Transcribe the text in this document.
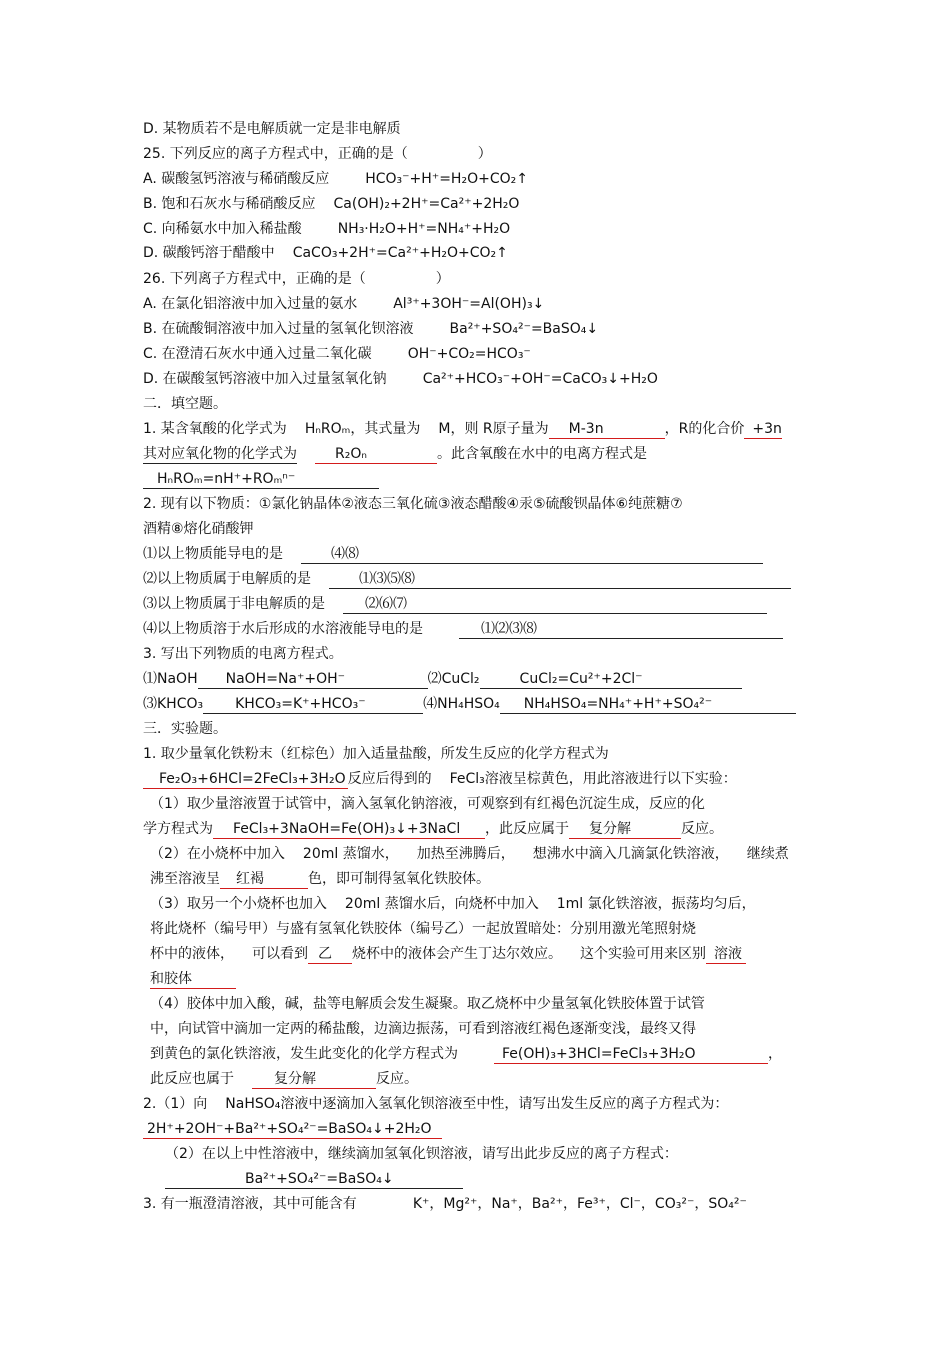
D. 某物质若不是电解质就一定是非电解质
25. 下列反应的离子方程式中，正确的是（　　　　　）
A. 碳酸氢钙溶液与稀硝酸反应	HCO₃⁻+H⁺=H₂O+CO₂↑
B. 饱和石灰水与稀硝酸反应 Ca(OH)₂+2H⁺=Ca²⁺+2H₂O
C. 向稀氨水中加入稀盐酸	NH₃·H₂O+H⁺=NH₄⁺+H₂O
D. 碳酸钙溶于醋酸中 CaCO₃+2H⁺=Ca²⁺+H₂O+CO₂↑
26. 下列离子方程式中，正确的是（　　　　　）
A. 在氯化铝溶液中加入过量的氨水	Al³⁺+3OH⁻=Al(OH)₃↓
B. 在硫酸铜溶液中加入过量的氢氧化钡溶液	Ba²⁺+SO₄²⁻=BaSO₄↓
C. 在澄清石灰水中通入过量二氧化碳	OH⁻+CO₂=HCO₃⁻
D. 在碳酸氢钙溶液中加入过量氢氧化钠	Ca²⁺+HCO₃⁻+OH⁻=CaCO₃↓+H₂O
二．填空题。
1. 某含氧酸的化学式为 HₙROₘ，其式量为 M，则 R原子量为 M-3n	，R的化合价 +3n
其对应氧化物的化学式为	R₂Oₙ	。此含氧酸在水中的电离方程式是
HₙROₘ=nH⁺+ROₘⁿ⁻
2. 现有以下物质：①氯化钠晶体②液态三氧化硫③液态醋酸④汞⑤硫酸钡晶体⑥纯蔗糖⑦
酒精⑧熔化硝酸钾
⑴以上物质能导电的是	⑷⑻
⑵以上物质属于电解质的是	⑴⑶⑸⑻
⑶以上物质属于非电解质的是	⑵⑹⑺
⑷以上物质溶于水后形成的水溶液能导电的是	⑴⑵⑶⑻
3. 写出下列物质的电离方程式。
⑴NaOH NaOH=Na⁺+OH⁻	⑵CuCl₂	CuCl₂=Cu²⁺+2Cl⁻
⑶KHCO₃ KHCO₃=K⁺+HCO₃⁻	⑷NH₄HSO₄ NH₄HSO₄=NH₄⁺+H⁺+SO₄²⁻
三．实验题。
1. 取少量氧化铁粉末（红棕色）加入适量盐酸，所发生反应的化学方程式为
Fe₂O₃+6HCl=2FeCl₃+3H₂O 反应后得到的 FeCl₃溶液呈棕黄色，用此溶液进行以下实验：
（1）取少量溶液置于试管中，滴入氢氧化钠溶液，可观察到有红褐色沉淀生成，反应的化
学方程式为 FeCl₃+3NaOH=Fe(OH)₃↓+3NaCl ，此反应属于 复分解	反应。
（2）在小烧杯中加入 20ml 蒸馏水， 加热至沸腾后， 想沸水中滴入几滴氯化铁溶液， 继续煮
沸至溶液呈 红褐	色，即可制得氢氧化铁胶体。
（3）取另一个小烧杯也加入 20ml 蒸馏水后，向烧杯中加入 1ml 氯化铁溶液，振荡均匀后，
将此烧杯（编号甲）与盛有氢氧化铁胶体（编号乙）一起放置暗处：分别用激光笔照射烧
杯中的液体， 可以看到 乙 烧杯中的液体会产生丁达尔效应。 这个实验可用来区别 溶液
和胶体
（4）胶体中加入酸，碱，盐等电解质会发生凝聚。取乙烧杯中少量氢氧化铁胶体置于试管
中，向试管中滴加一定两的稀盐酸，边滴边振荡，可看到溶液红褐色逐渐变浅，最终又得
到黄色的氯化铁溶液，发生此变化的化学方程式为	Fe(OH)₃+3HCl=FeCl₃+3H₂O	，
此反应也属于	复分解	反应。
2.（1）向 NaHSO₄溶液中逐滴加入氢氧化钡溶液至中性，请写出发生反应的离子方程式为：
2H⁺+2OH⁻+Ba²⁺+SO₄²⁻=BaSO₄↓+2H₂O
（2）在以上中性溶液中，继续滴加氢氧化钡溶液，请写出此步反应的离子方程式：
Ba²⁺+SO₄²⁻=BaSO₄↓
3. 有一瓶澄清溶液，其中可能含有	K⁺，Mg²⁺，Na⁺，Ba²⁺，Fe³⁺，Cl⁻，CO₃²⁻，SO₄²⁻
